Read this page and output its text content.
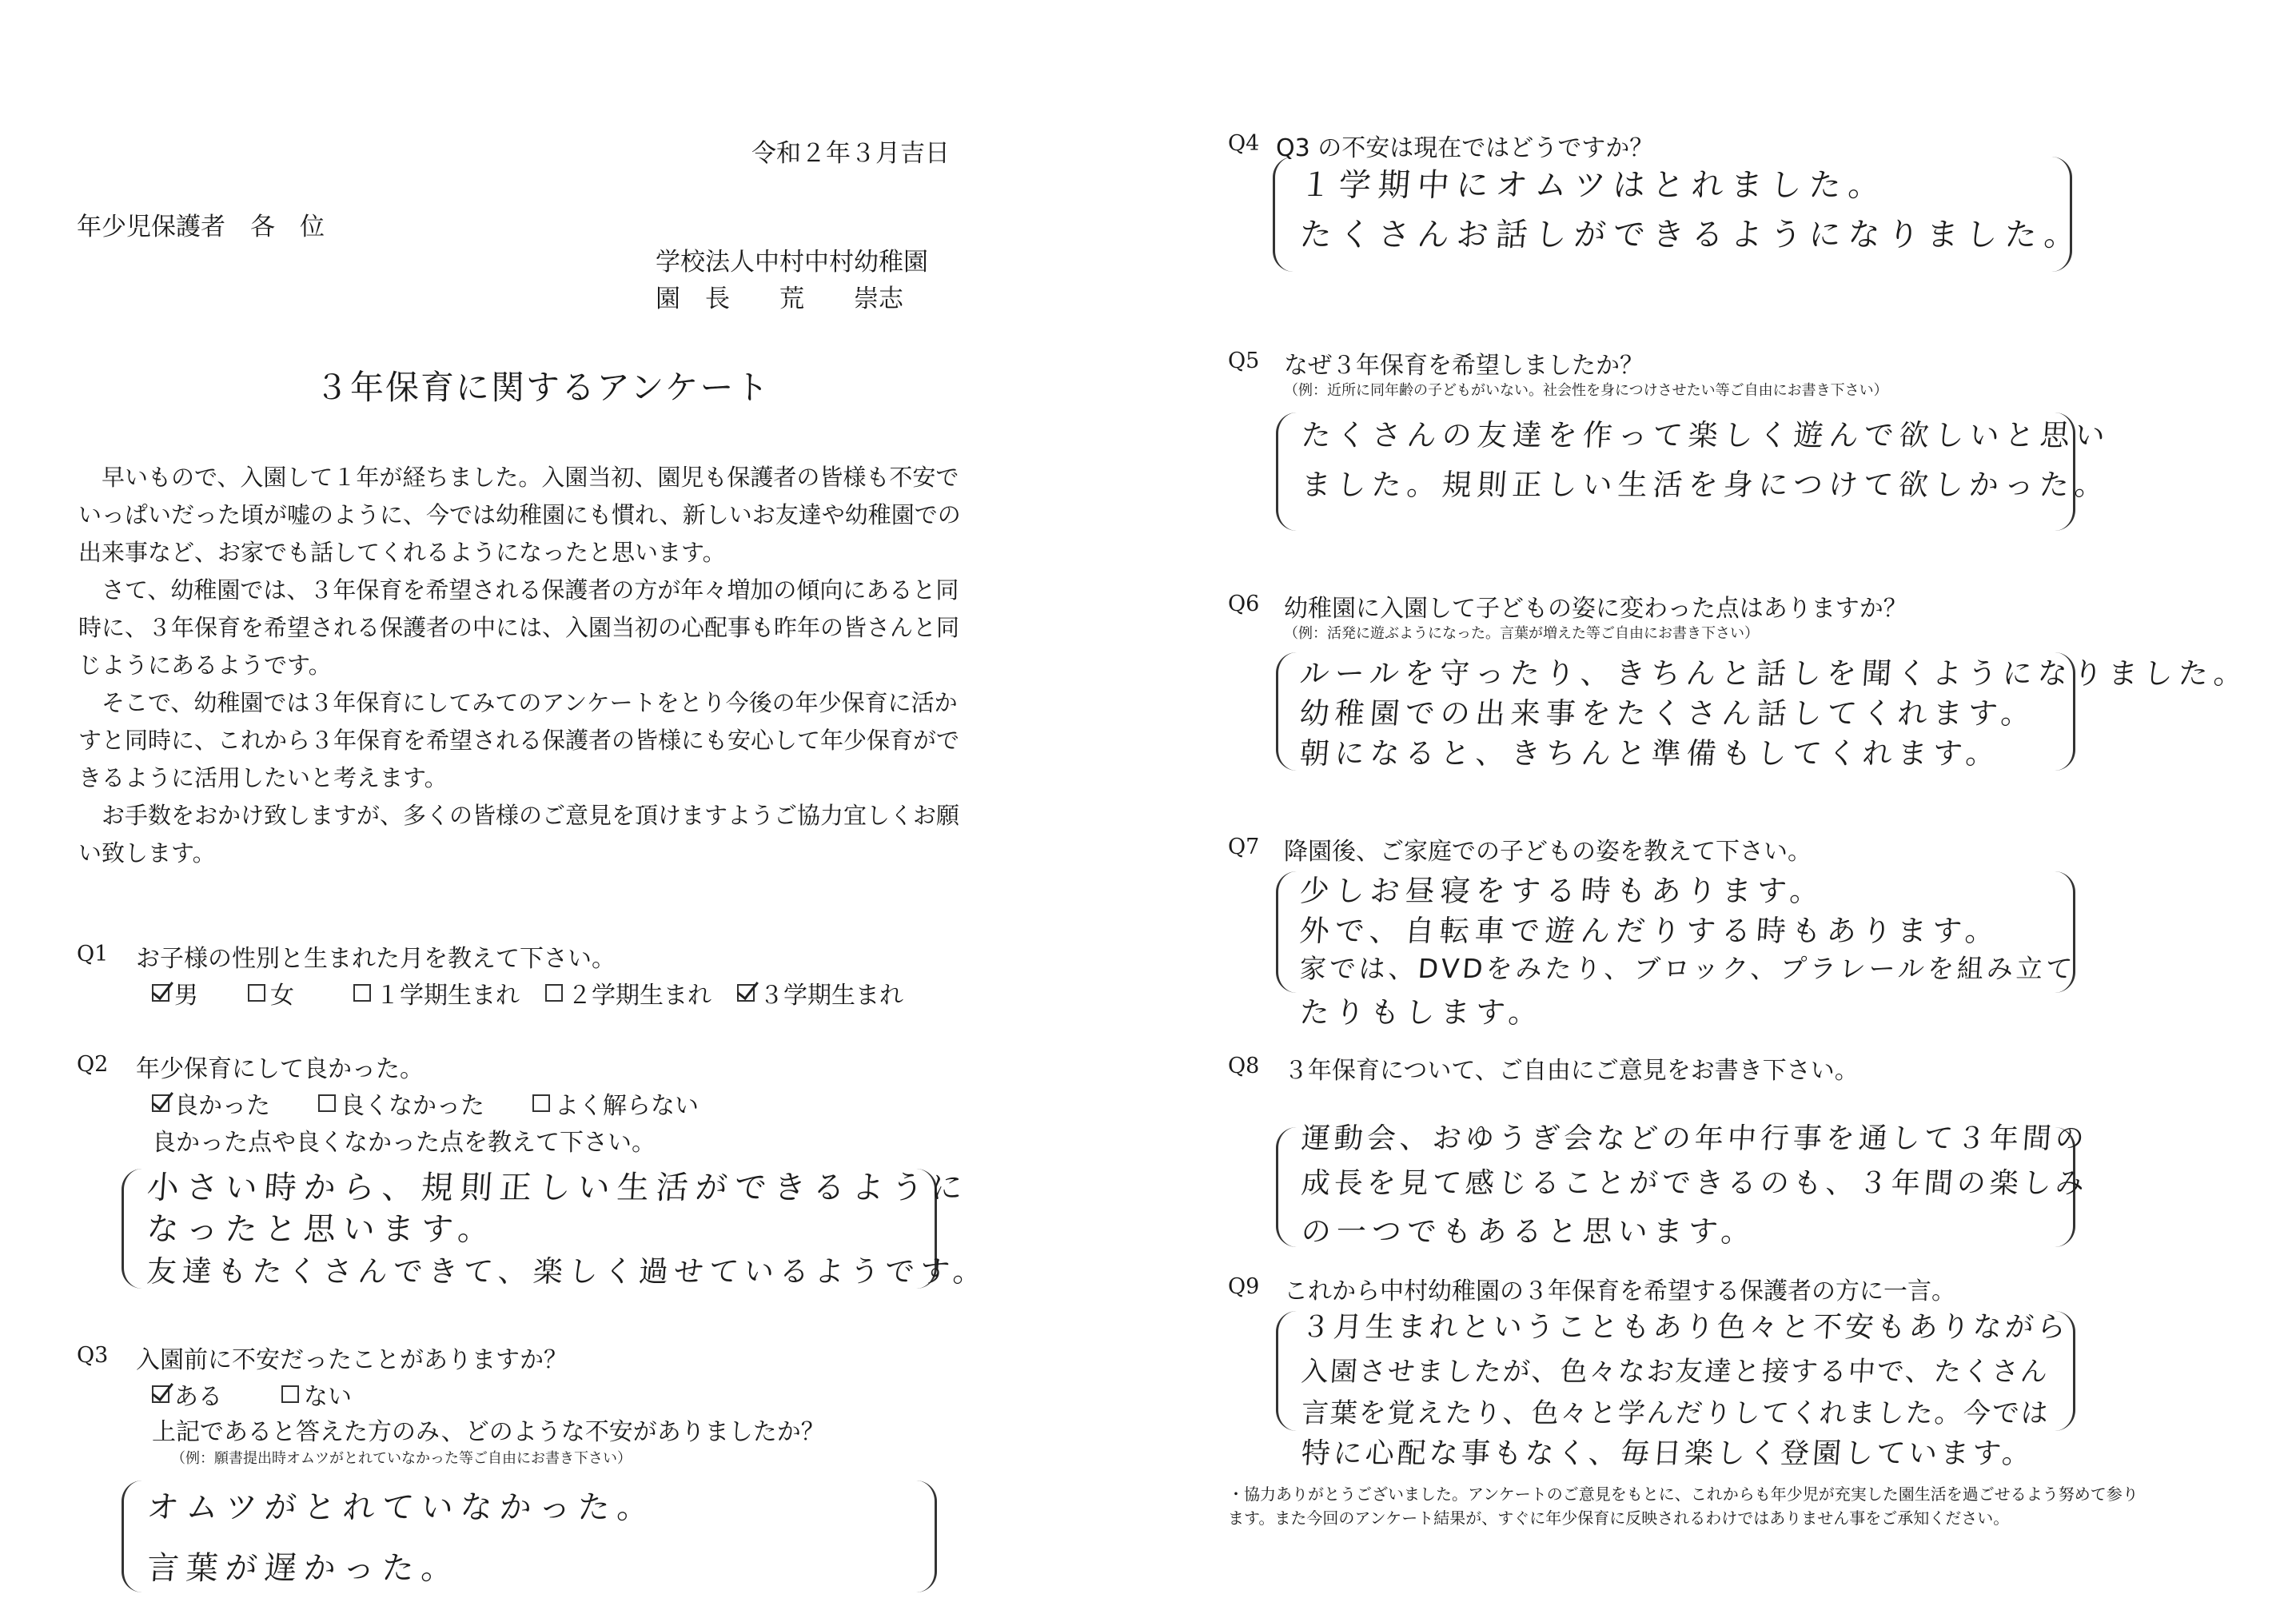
令和２年３月吉日
年少児保護者　各　位
学校法人中村中村幼稚園
園　長　　荒　　崇志
３年保育に関するアンケート

早いもので、入園して１年が経ちました。入園当初、園児も保護者の皆様も不安でいっぱいだった頃が嘘のように、今では幼稚園にも慣れ、新しいお友達や幼稚園での出来事など、お家でも話してくれるようになったと思います。

さて、幼稚園では、３年保育を希望される保護者の方が年々増加の傾向にあると同時に、３年保育を希望される保護者の中には、入園当初の心配事も昨年の皆さんと同じようにあるようです。

そこで、幼稚園では３年保育にしてみてのアンケートをとり今後の年少保育に活かすと同時に、これから３年保育を希望される保護者の皆様にも安心して年少保育ができるように活用したいと考えます。

お手数をおかけ致しますが、多くの皆様のご意見を頂けますようご協力宜しくお願い致します。

Q1 お子様の性別と生まれた月を教えて下さい。
男	女	１学期生まれ ２学期生まれ ３学期生まれ
Q2 年少保育にして良かった。
良かった	良くなかった	よく解らない
良かった点や良くなかった点を教えて下さい。
小さい時から、規則正しい生活ができるように
なったと思います。
友達もたくさんできて、楽しく過せているようです。
Q3 入園前に不安だったことがありますか？
ある	ない
上記であると答えた方のみ、どのような不安がありましたか？
（例：願書提出時オムツがとれていなかった等ご自由にお書き下さい）
オムツがとれていなかった。
言葉が遅かった。
Q4 Q3 の不安は現在ではどうですか？
１学期中にオムツはとれました。
たくさんお話しができるようになりました。
Q5 なぜ３年保育を希望しましたか？
（例：近所に同年齢の子どもがいない。社会性を身につけさせたい等ご自由にお書き下さい）
たくさんの友達を作って楽しく遊んで欲しいと思い
ました。規則正しい生活を身につけて欲しかった。
Q6 幼稚園に入園して子どもの姿に変わった点はありますか？
（例：活発に遊ぶようになった。言葉が増えた等ご自由にお書き下さい）
ルールを守ったり、きちんと話しを聞くようになりました。
幼稚園での出来事をたくさん話してくれます。
朝になると、きちんと準備もしてくれます。
Q7 降園後、ご家庭での子どもの姿を教えて下さい。
少しお昼寝をする時もあります。
外で、自転車で遊んだりする時もあります。
家では、DVDをみたり、ブロック、プラレールを組み立て
たりもします。
Q8 ３年保育について、ご自由にご意見をお書き下さい。
運動会、おゆうぎ会などの年中行事を通して３年間の
成長を見て感じることができるのも、３年間の楽しみ
の一つでもあると思います。
Q9 これから中村幼稚園の３年保育を希望する保護者の方に一言。
３月生まれということもあり色々と不安もありながら
入園させましたが、色々なお友達と接する中で、たくさん
言葉を覚えたり、色々と学んだりしてくれました。今では
特に心配な事もなく、毎日楽しく登園しています。
・協力ありがとうございました。アンケートのご意見をもとに、これからも年少児が充実した園生活を過ごせるよう努めて参ります。また今回のアンケート結果が、すぐに年少保育に反映されるわけではありません事をご承知ください。
